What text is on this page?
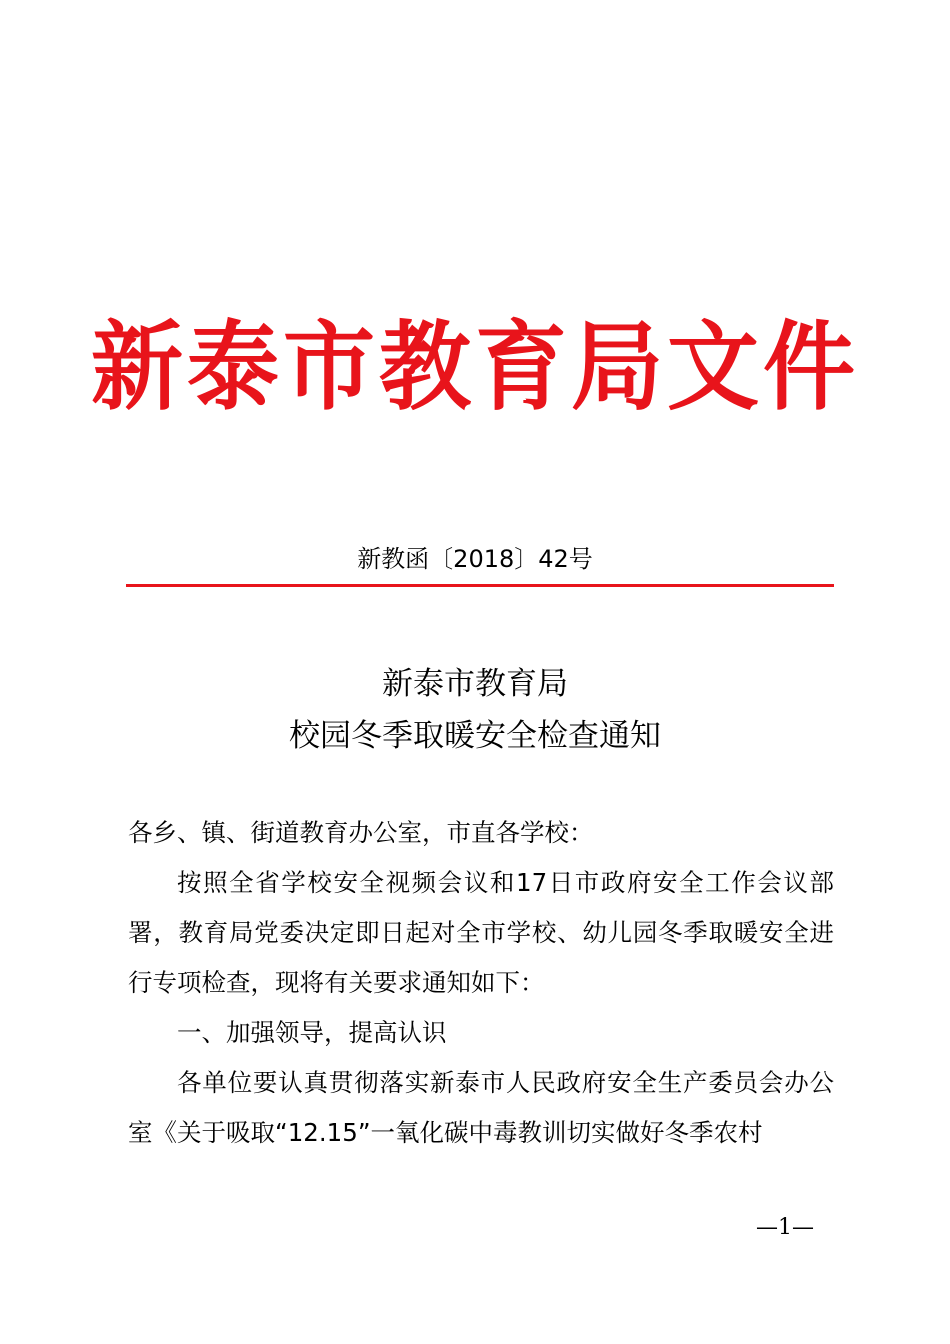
新泰市教育局文件
新教函〔2018〕42号
新泰市教育局
校园冬季取暖安全检查通知

各乡、镇、街道教育办公室，市直各学校：

按照全省学校安全视频会议和17日市政府安全工作会议部署，教育局党委决定即日起对全市学校、幼儿园冬季取暖安全进行专项检查，现将有关要求通知如下：

一、加强领导，提高认识

各单位要认真贯彻落实新泰市人民政府安全生产委员会办公室《关于吸取“12.15”一氧化碳中毒教训切实做好冬季农村

—1—
